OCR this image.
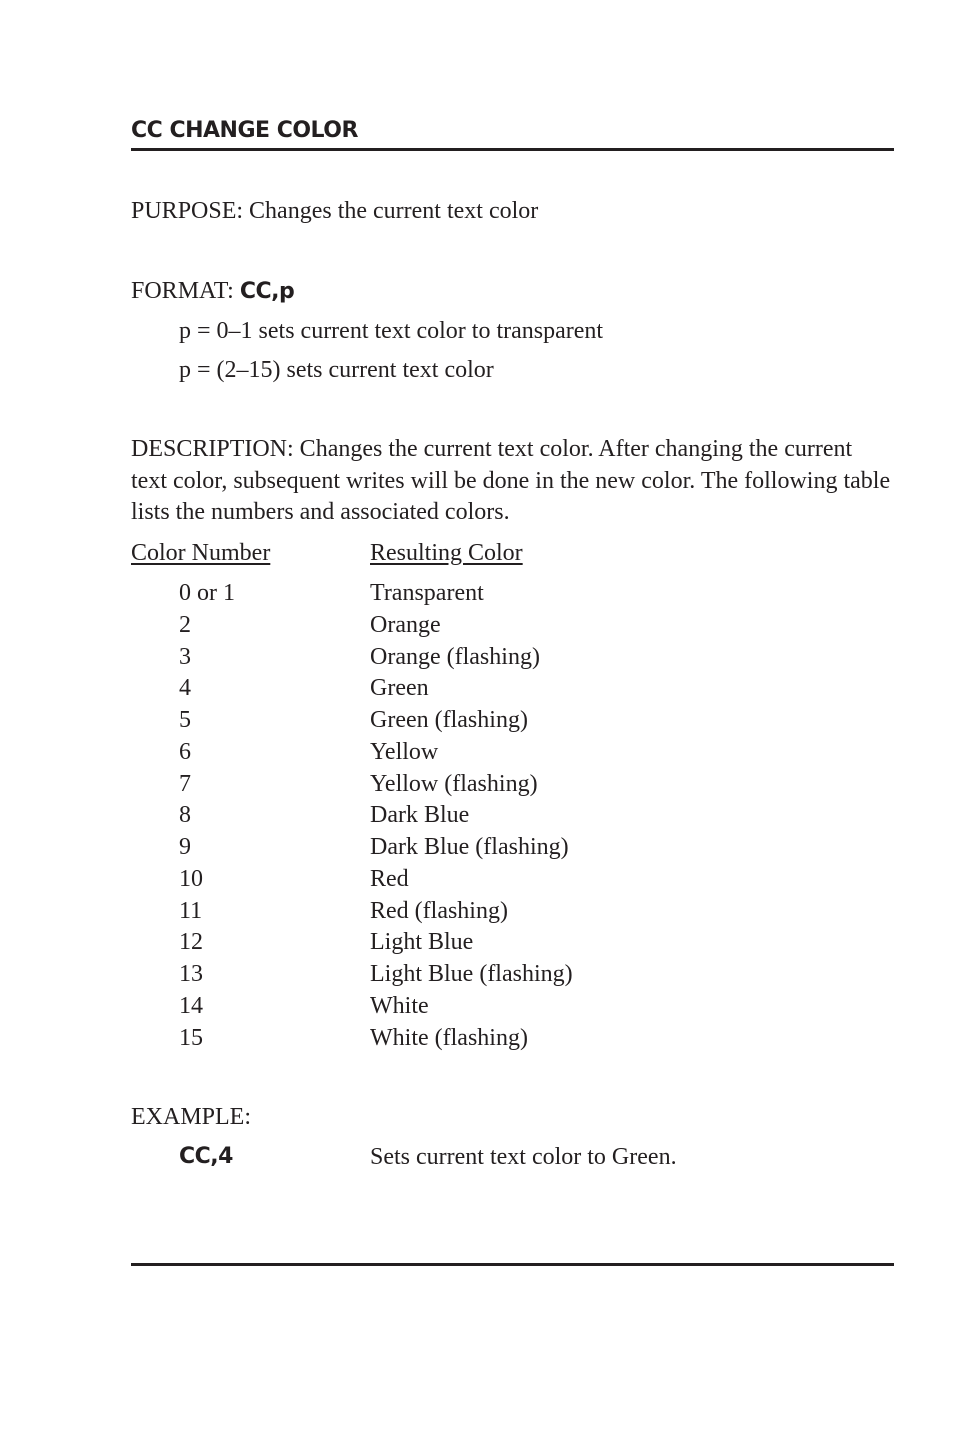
CC CHANGE COLOR
PURPOSE: Changes the current text color
FORMAT: CC,p
p = 0–1 sets current text color to transparent
p = (2–15) sets current text color
DESCRIPTION: Changes the current text color. After changing the current text color, subsequent writes will be done in the new color. The following table lists the numbers and associated colors.
Color Number	Resulting Color
0 or 1	Transparent
2	Orange
3	Orange (flashing)
4	Green
5	Green (flashing)
6	Yellow
7	Yellow (flashing)
8	Dark Blue
9	Dark Blue (flashing)
10	Red
11	Red (flashing)
12	Light Blue
13	Light Blue (flashing)
14	White
15	White (flashing)
EXAMPLE:
CC,4	Sets current text color to Green.
